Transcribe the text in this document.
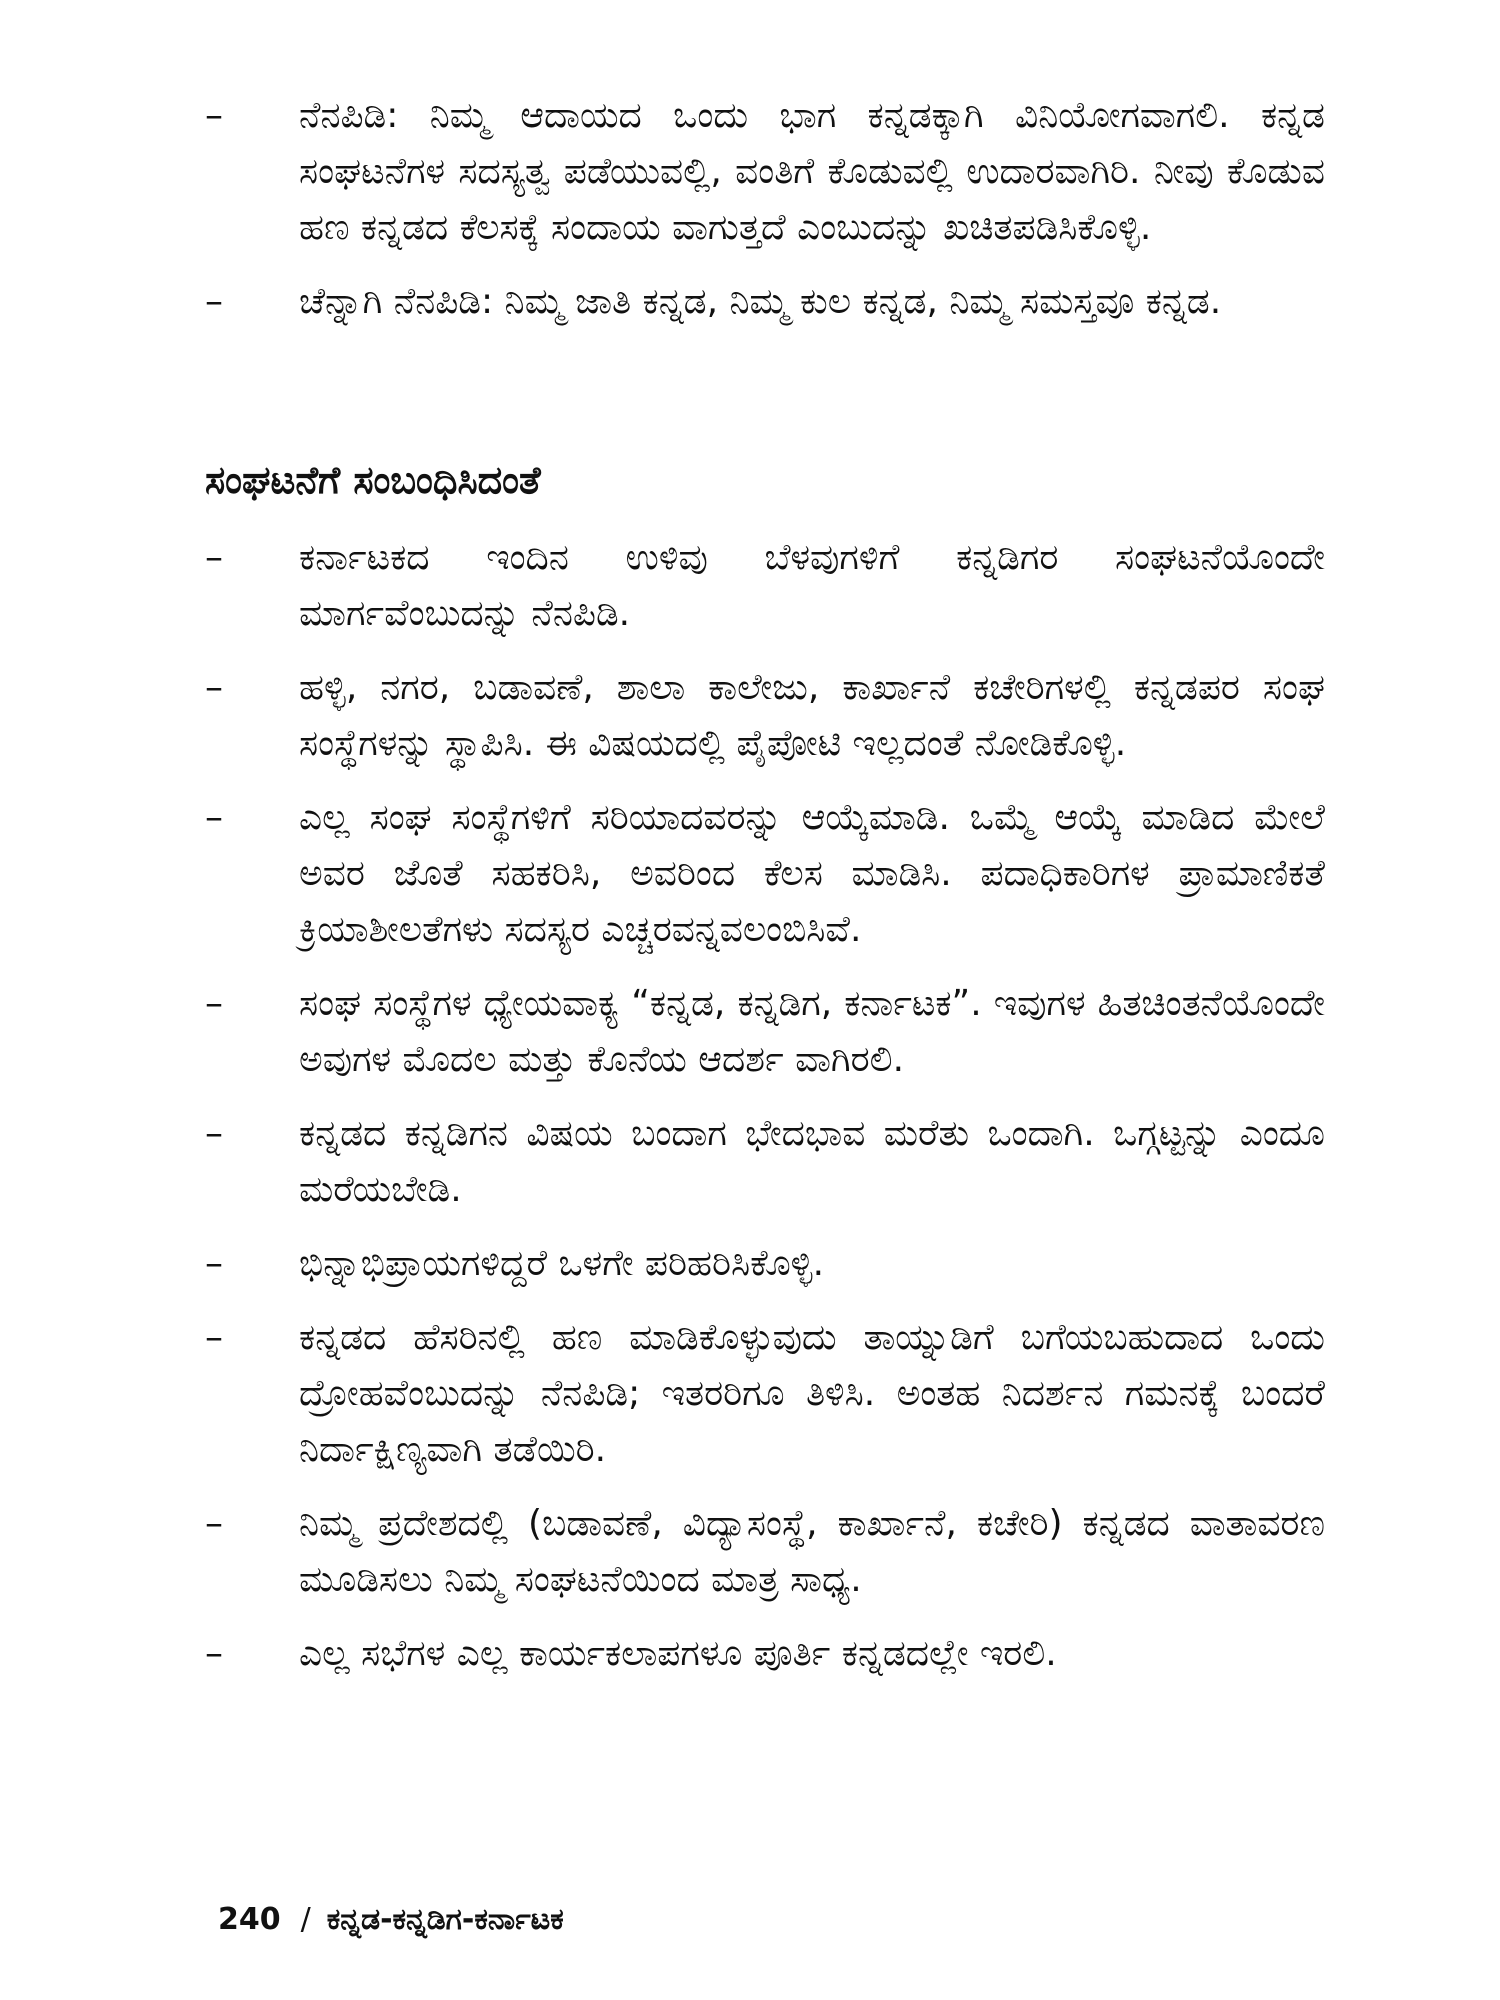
– ನೆನಪಿಡಿ: ನಿಮ್ಮ ಆದಾಯದ ಒಂದು ಭಾಗ ಕನ್ನಡಕ್ಕಾಗಿ ವಿನಿಯೋಗವಾಗಲಿ. ಕನ್ನಡ ಸಂಘಟನೆಗಳ ಸದಸ್ಯತ್ವ ಪಡೆಯುವಲ್ಲಿ, ವಂತಿಗೆ ಕೊಡುವಲ್ಲಿ ಉದಾರವಾಗಿರಿ. ನೀವು ಕೊಡುವ ಹಣ ಕನ್ನಡದ ಕೆಲಸಕ್ಕೆ ಸಂದಾಯ ವಾಗುತ್ತದೆ ಎಂಬುದನ್ನು ಖಚಿತಪಡಿಸಿಕೊಳ್ಳಿ.
– ಚೆನ್ನಾಗಿ ನೆನಪಿಡಿ: ನಿಮ್ಮ ಜಾತಿ ಕನ್ನಡ, ನಿಮ್ಮ ಕುಲ ಕನ್ನಡ, ನಿಮ್ಮ ಸಮಸ್ತವೂ ಕನ್ನಡ.
ಸಂಘಟನೆಗೆ ಸಂಬಂಧಿಸಿದಂತೆ
– ಕರ್ನಾಟಕದ ಇಂದಿನ ಉಳಿವು ಬೆಳವುಗಳಿಗೆ ಕನ್ನಡಿಗರ ಸಂಘಟನೆಯೊಂದೇ ಮಾರ್ಗವೆಂಬುದನ್ನು ನೆನಪಿಡಿ.
– ಹಳ್ಳಿ, ನಗರ, ಬಡಾವಣೆ, ಶಾಲಾ ಕಾಲೇಜು, ಕಾರ್ಖಾನೆ ಕಚೇರಿಗಳಲ್ಲಿ ಕನ್ನಡಪರ ಸಂಘ ಸಂಸ್ಥೆಗಳನ್ನು ಸ್ಥಾಪಿಸಿ. ಈ ವಿಷಯದಲ್ಲಿ ಪೈಪೋಟಿ ಇಲ್ಲದಂತೆ ನೋಡಿಕೊಳ್ಳಿ.
– ಎಲ್ಲ ಸಂಘ ಸಂಸ್ಥೆಗಳಿಗೆ ಸರಿಯಾದವರನ್ನು ಆಯ್ಕೆಮಾಡಿ. ಒಮ್ಮೆ ಆಯ್ಕೆ ಮಾಡಿದ ಮೇಲೆ ಅವರ ಜೊತೆ ಸಹಕರಿಸಿ, ಅವರಿಂದ ಕೆಲಸ ಮಾಡಿಸಿ. ಪದಾಧಿಕಾರಿಗಳ ಪ್ರಾಮಾಣಿಕತೆ ಕ್ರಿಯಾಶೀಲತೆಗಳು ಸದಸ್ಯರ ಎಚ್ಚರವನ್ನವಲಂಬಿಸಿವೆ.
– ಸಂಘ ಸಂಸ್ಥೆಗಳ ಧ್ಯೇಯವಾಕ್ಯ “ಕನ್ನಡ, ಕನ್ನಡಿಗ, ಕರ್ನಾಟಕ”. ಇವುಗಳ ಹಿತಚಿಂತನೆಯೊಂದೇ ಅವುಗಳ ಮೊದಲ ಮತ್ತು ಕೊನೆಯ ಆದರ್ಶ ವಾಗಿರಲಿ.
– ಕನ್ನಡದ ಕನ್ನಡಿಗನ ವಿಷಯ ಬಂದಾಗ ಭೇದಭಾವ ಮರೆತು ಒಂದಾಗಿ. ಒಗ್ಗಟ್ಟನ್ನು ಎಂದೂ ಮರೆಯಬೇಡಿ.
– ಭಿನ್ನಾಭಿಪ್ರಾಯಗಳಿದ್ದರೆ ಒಳಗೇ ಪರಿಹರಿಸಿಕೊಳ್ಳಿ.
– ಕನ್ನಡದ ಹೆಸರಿನಲ್ಲಿ ಹಣ ಮಾಡಿಕೊಳ್ಳುವುದು ತಾಯ್ನುಡಿಗೆ ಬಗೆಯಬಹುದಾದ ಒಂದು ದ್ರೋಹವೆಂಬುದನ್ನು ನೆನಪಿಡಿ; ಇತರರಿಗೂ ತಿಳಿಸಿ. ಅಂತಹ ನಿದರ್ಶನ ಗಮನಕ್ಕೆ ಬಂದರೆ ನಿರ್ದಾಕ್ಷಿಣ್ಯವಾಗಿ ತಡೆಯಿರಿ.
– ನಿಮ್ಮ ಪ್ರದೇಶದಲ್ಲಿ (ಬಡಾವಣೆ, ವಿದ್ಯಾಸಂಸ್ಥೆ, ಕಾರ್ಖಾನೆ, ಕಚೇರಿ) ಕನ್ನಡದ ವಾತಾವರಣ ಮೂಡಿಸಲು ನಿಮ್ಮ ಸಂಘಟನೆಯಿಂದ ಮಾತ್ರ ಸಾಧ್ಯ.
– ಎಲ್ಲ ಸಭೆಗಳ ಎಲ್ಲ ಕಾರ್ಯಕಲಾಪಗಳೂ ಪೂರ್ತಿ ಕನ್ನಡದಲ್ಲೇ ಇರಲಿ.
240 / ಕನ್ನಡ-ಕನ್ನಡಿಗ-ಕರ್ನಾಟಕ
